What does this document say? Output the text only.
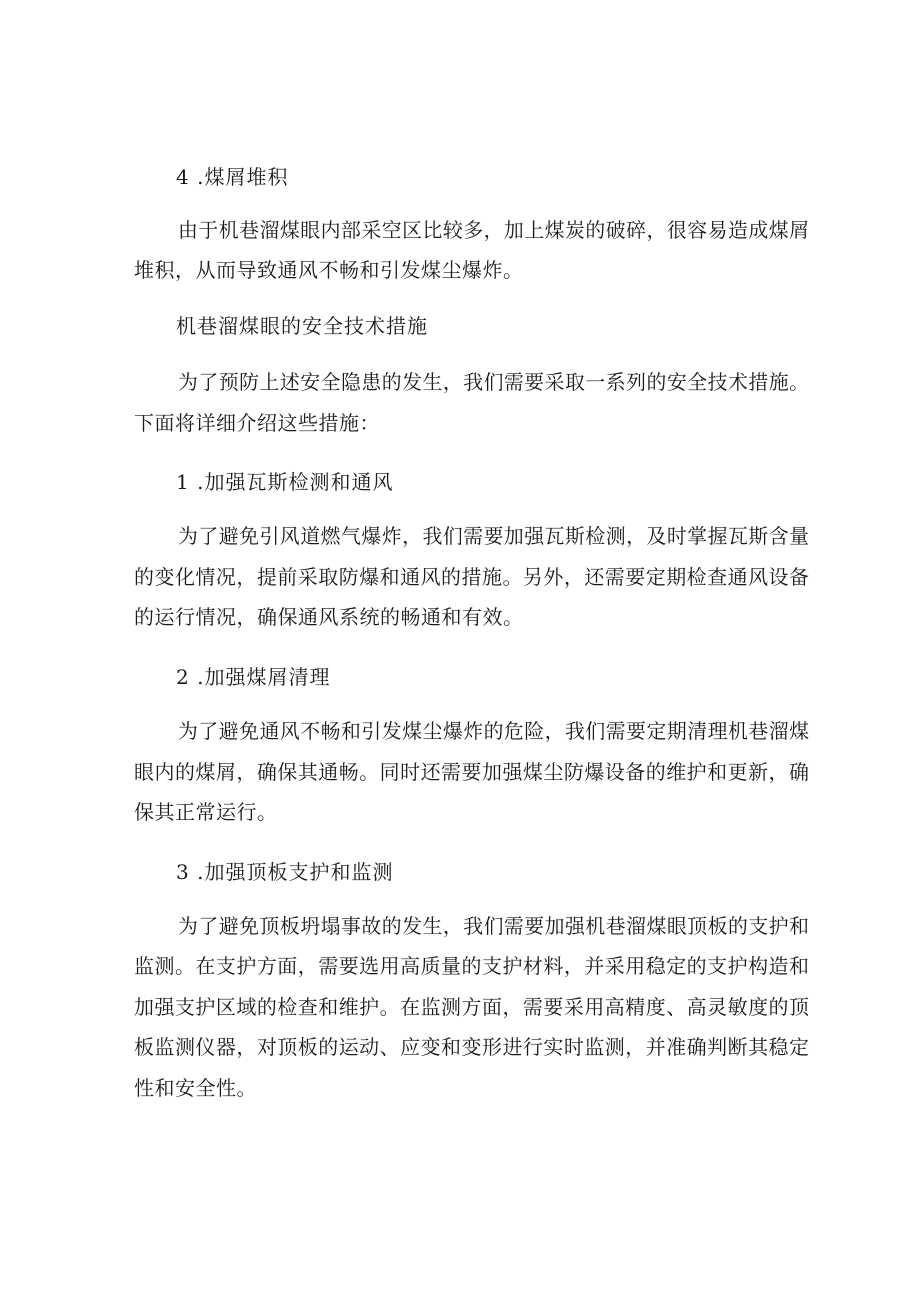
4 .煤屑堆积
由于机巷溜煤眼内部采空区比较多，加上煤炭的破碎，很容易造成煤屑
堆积，从而导致通风不畅和引发煤尘爆炸。
机巷溜煤眼的安全技术措施
为了预防上述安全隐患的发生，我们需要采取一系列的安全技术措施。
下面将详细介绍这些措施：
1 .加强瓦斯检测和通风
为了避免引风道燃气爆炸，我们需要加强瓦斯检测，及时掌握瓦斯含量
的变化情况，提前采取防爆和通风的措施。另外，还需要定期检查通风设备
的运行情况，确保通风系统的畅通和有效。
2 .加强煤屑清理
为了避免通风不畅和引发煤尘爆炸的危险，我们需要定期清理机巷溜煤
眼内的煤屑，确保其通畅。同时还需要加强煤尘防爆设备的维护和更新，确
保其正常运行。
3 .加强顶板支护和监测
为了避免顶板坍塌事故的发生，我们需要加强机巷溜煤眼顶板的支护和
监测。在支护方面，需要选用高质量的支护材料，并采用稳定的支护构造和
加强支护区域的检查和维护。在监测方面，需要采用高精度、高灵敏度的顶
板监测仪器，对顶板的运动、应变和变形进行实时监测，并准确判断其稳定
性和安全性。
